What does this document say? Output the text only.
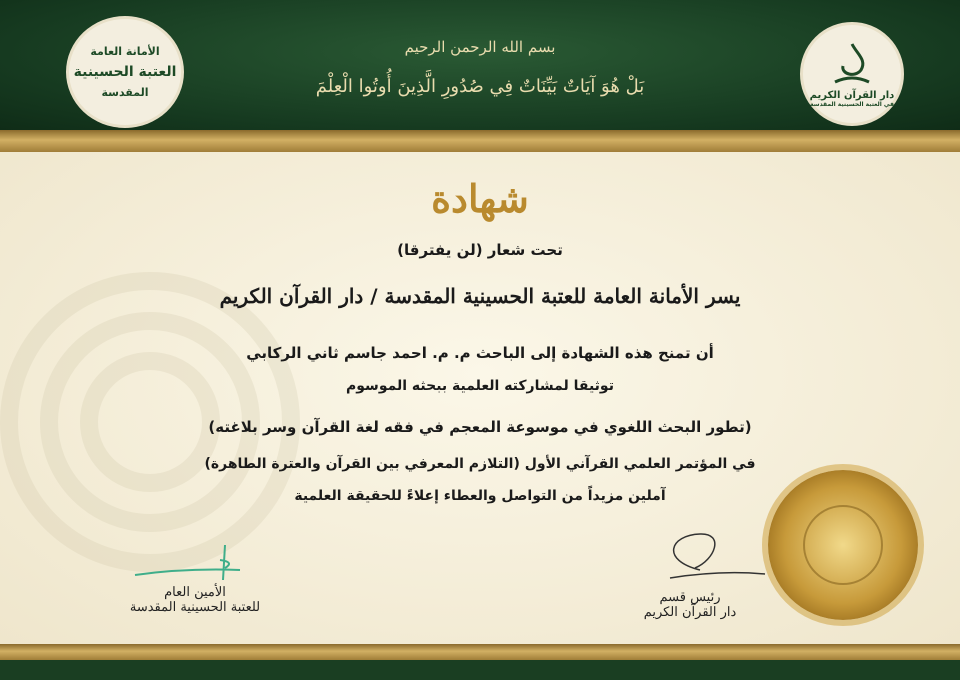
الأمانة العامة
العتبة الحسينية
المقدسة	دار القرآن الكريم
في العتبة الحسينية المقدسة
بسم الله الرحمن الرحيم
بَلْ هُوَ آيَاتٌ بَيِّنَاتٌ فِي صُدُورِ الَّذِينَ أُوتُوا الْعِلْمَ
شهادة
تحت شعار (لن يفترقا)
يسر الأمانة العامة للعتبة الحسينية المقدسة / دار القرآن الكريم
أن تمنح هذه الشهادة إلى الباحث م. م. احمد جاسم ثاني الركابي
توثيقا لمشاركته العلمية ببحثه الموسوم
(تطور البحث اللغوي في موسوعة المعجم في فقه لغة القرآن وسر بلاغته)
في المؤتمر العلمي القرآني الأول (التلازم المعرفي بين القرآن والعترة الطاهرة)
آملين مزيداً من التواصل والعطاء إعلاءً للحقيقة العلمية
الأمين العام
للعتبة الحسينية المقدسة
رئيس قسم
دار القرآن الكريم
